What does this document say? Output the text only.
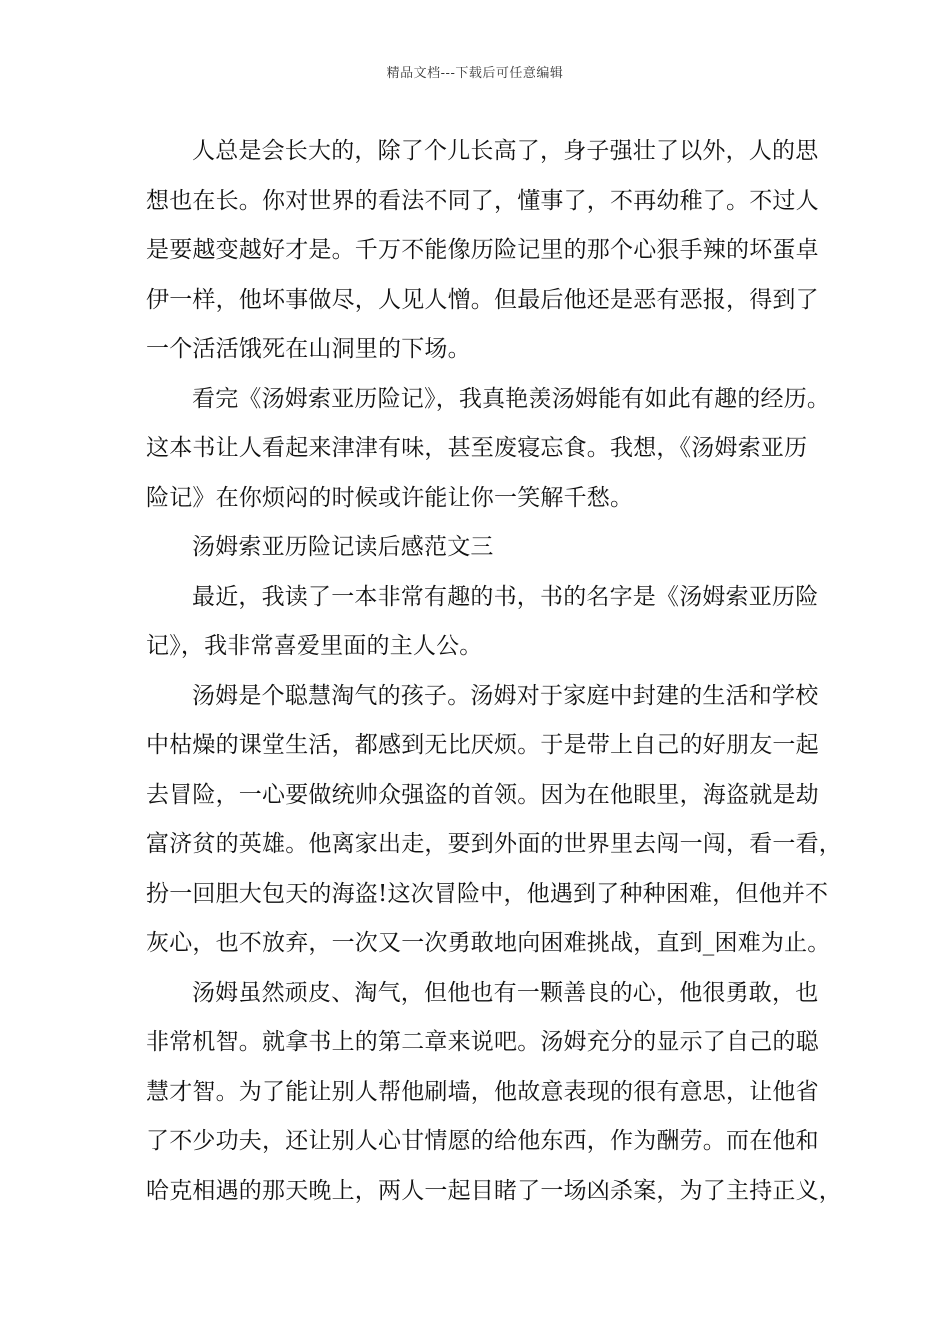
精品文档---下载后可任意编辑
人总是会长大的，除了个儿长高了，身子强壮了以外，人的思
想也在长。你对世界的看法不同了，懂事了，不再幼稚了。不过人
是要越变越好才是。千万不能像历险记里的那个心狠手辣的坏蛋卓
伊一样，他坏事做尽，人见人憎。但最后他还是恶有恶报，得到了
一个活活饿死在山洞里的下场。
看完《汤姆索亚历险记》，我真艳羡汤姆能有如此有趣的经历。
这本书让人看起来津津有味，甚至废寝忘食。我想，《汤姆索亚历
险记》在你烦闷的时候或许能让你一笑解千愁。
汤姆索亚历险记读后感范文三
最近，我读了一本非常有趣的书，书的名字是《汤姆索亚历险
记》，我非常喜爱里面的主人公。
汤姆是个聪慧淘气的孩子。汤姆对于家庭中封建的生活和学校
中枯燥的课堂生活，都感到无比厌烦。于是带上自己的好朋友一起
去冒险，一心要做统帅众强盗的首领。因为在他眼里，海盗就是劫
富济贫的英雄。他离家出走，要到外面的世界里去闯一闯，看一看，
扮一回胆大包天的海盗!这次冒险中，他遇到了种种困难，但他并不
灰心，也不放弃，一次又一次勇敢地向困难挑战，直到_困难为止。
汤姆虽然顽皮、淘气，但他也有一颗善良的心，他很勇敢，也
非常机智。就拿书上的第二章来说吧。汤姆充分的显示了自己的聪
慧才智。为了能让别人帮他刷墙，他故意表现的很有意思，让他省
了不少功夫，还让别人心甘情愿的给他东西，作为酬劳。而在他和
哈克相遇的那天晚上，两人一起目睹了一场凶杀案，为了主持正义，
